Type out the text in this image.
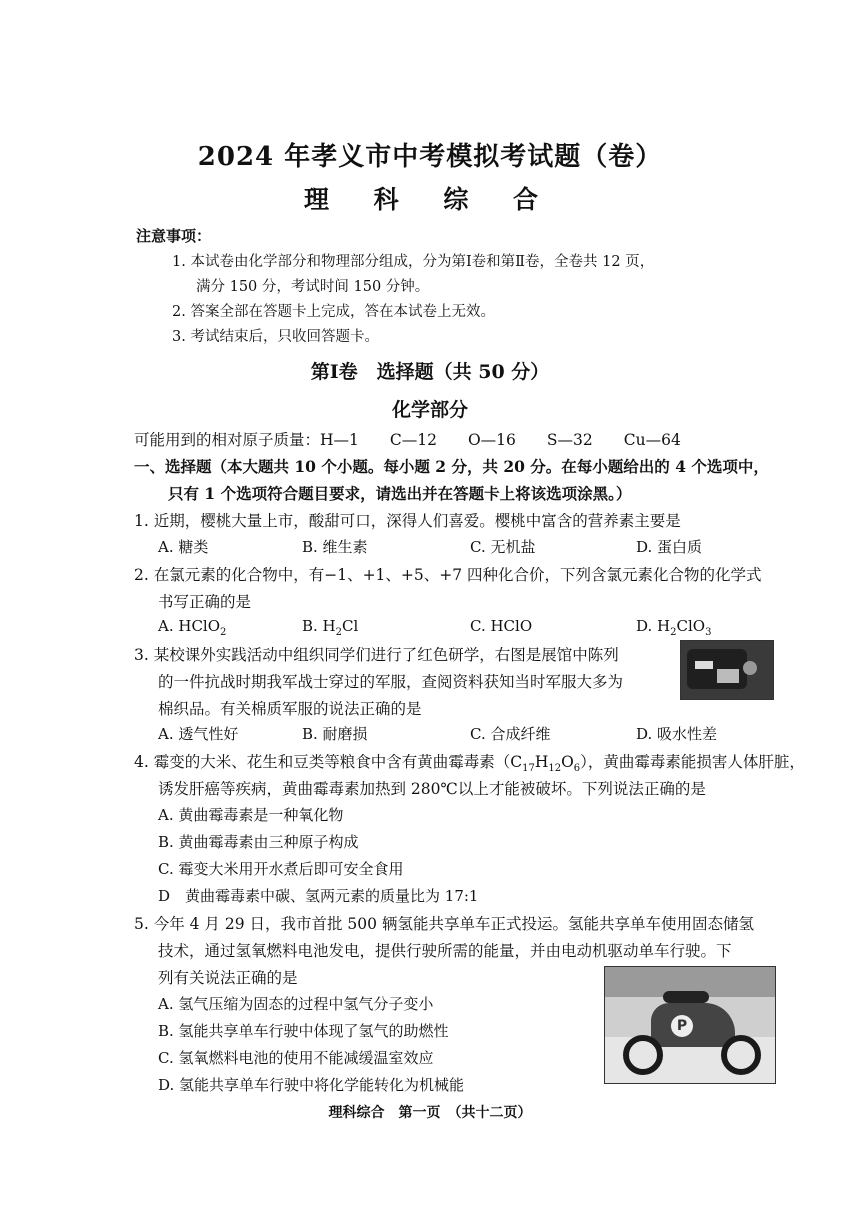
2024 年孝义市中考模拟考试题（卷）
理 科 综 合
注意事项：
1. 本试卷由化学部分和物理部分组成，分为第Ⅰ卷和第Ⅱ卷，全卷共 12 页，
满分 150 分，考试时间 150 分钟。
2. 答案全部在答题卡上完成，答在本试卷上无效。
3. 考试结束后，只收回答题卡。
第Ⅰ卷　选择题（共 50 分）
化学部分
可能用到的相对原子质量：H—1　　C—12　　O—16　　S—32　　Cu—64
一、选择题（本大题共 10 个小题。每小题 2 分，共 20 分。在每小题给出的 4 个选项中，
只有 1 个选项符合题目要求，请选出并在答题卡上将该选项涂黑。）
1. 近期，樱桃大量上市，酸甜可口，深得人们喜爱。樱桃中富含的营养素主要是
A. 糖类	B. 维生素	C. 无机盐	D. 蛋白质
2. 在氯元素的化合物中，有−1、+1、+5、+7 四种化合价，下列含氯元素化合物的化学式
书写正确的是
A. HClO$_2$	B. $H_2Cl$	C. HClO	D. $H_2ClO_3$
3. 某校课外实践活动中组织同学们进行了红色研学，右图是展馆中陈列
的一件抗战时期我军战士穿过的军服，查阅资料获知当时军服大多为
棉织品。有关棉质军服的说法正确的是
A. 透气性好	B. 耐磨损	C. 合成纤维	D. 吸水性差
4. 霉变的大米、花生和豆类等粮食中含有黄曲霉毒素$(C_{17}H_{12}O_6)$，黄曲霉毒素能损害人体肝脏，
诱发肝癌等疾病，黄曲霉毒素加热到 280℃以上才能被破坏。下列说法正确的是
A. 黄曲霉毒素是一种氧化物
B. 黄曲霉毒素由三种原子构成
C. 霉变大米用开水煮后即可安全食用
D　黄曲霉毒素中碳、氢两元素的质量比为 17:1
5. 今年 4 月 29 日，我市首批 500 辆氢能共享单车正式投运。氢能共享单车使用固态储氢
技术，通过氢氧燃料电池发电，提供行驶所需的能量，并由电动机驱动单车行驶。下
列有关说法正确的是
A. 氢气压缩为固态的过程中氢气分子变小
B. 氢能共享单车行驶中体现了氢气的助燃性
C. 氢氧燃料电池的使用不能减缓温室效应
D. 氢能共享单车行驶中将化学能转化为机械能
P
理科综合　第一页　（共十二页）
